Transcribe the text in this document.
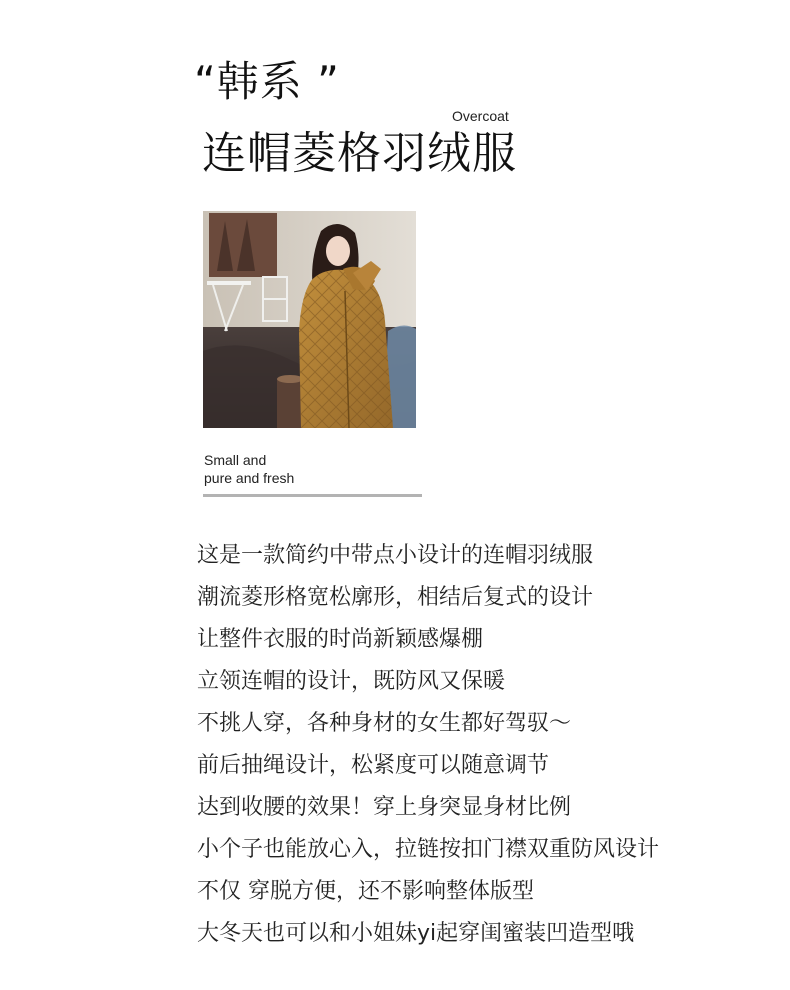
“韩系 ”
Overcoat
连帽菱格羽绒服
Small and
pure and fresh
这是一款简约中带点小设计的连帽羽绒服
潮流菱形格宽松廓形，相结后复式的设计
让整件衣服的时尚新颖感爆棚
立领连帽的设计，既防风又保暖
不挑人穿，各种身材的女生都好驾驭～
前后抽绳设计，松紧度可以随意调节
达到收腰的效果！穿上身突显身材比例
小个子也能放心入，拉链按扣门襟双重防风设计
不仅 穿脱方便，还不影响整体版型
大冬天也可以和小姐妹yi起穿闺蜜装凹造型哦
